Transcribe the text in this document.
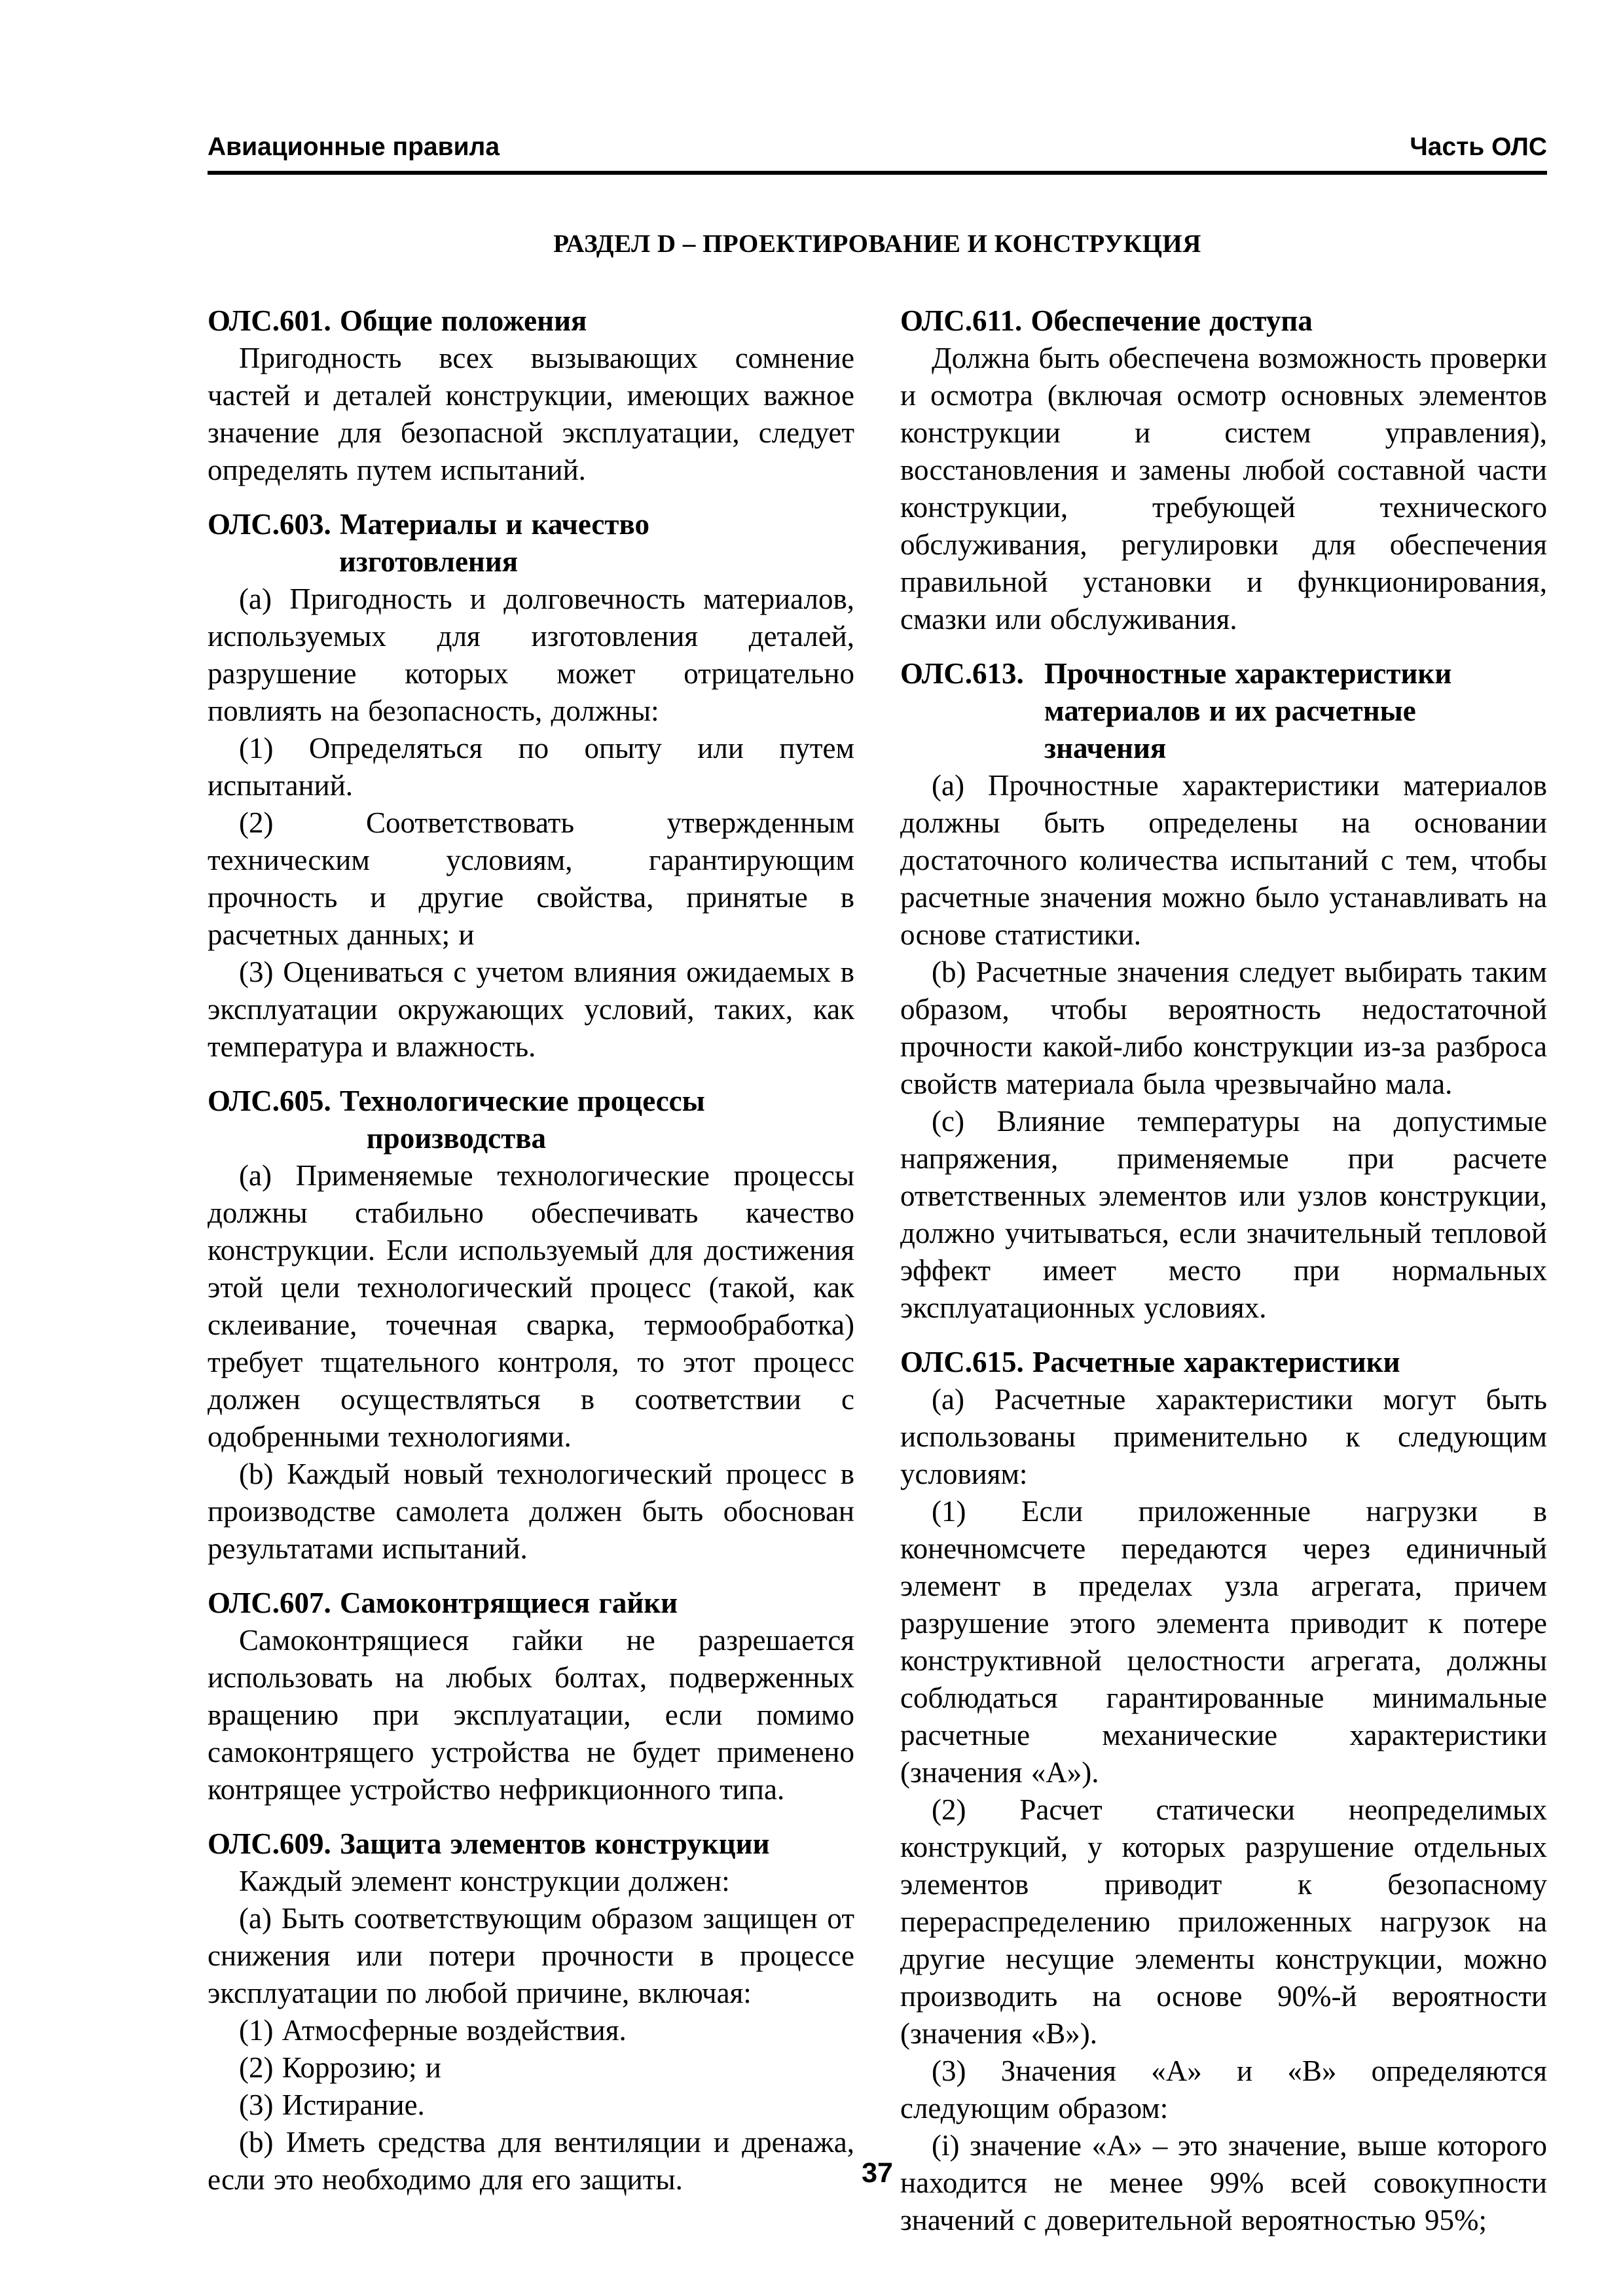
Авиационные правила	Часть ОЛС
РАЗДЕЛ D – ПРОЕКТИРОВАНИЕ И КОНСТРУКЦИЯ
ОЛС.601. Общие положения

Пригодность всех вызывающих сомнение частей и деталей конструкции, имеющих важное значение для безопасной эксплуатации, следует определять путем испытаний.

ОЛС.603. Материалы и качество
изготовления

(a) Пригодность и долговечность материалов, используемых для изготовления деталей, разрушение которых может отрицательно повлиять на безопасность, должны:

(1) Определяться по опыту или путем испытаний.

(2) Соответствовать утвержденным техническим условиям, гарантирующим прочность и другие свойства, принятые в расчетных данных; и

(3) Оцениваться с учетом влияния ожидаемых в эксплуатации окружающих условий, таких, как температура и влажность.

ОЛС.605. Технологические процессы
производства

(a) Применяемые технологические процессы должны стабильно обеспечивать качество конструкции. Если используемый для достижения этой цели технологический процесс (такой, как склеивание, точечная сварка, термообработка) требует тщательного контроля, то этот процесс должен осуществляться в соответствии с одобренными технологиями.

(b) Каждый новый технологический процесс в производстве самолета должен быть обоснован результатами испытаний.

ОЛС.607. Самоконтрящиеся гайки

Самоконтрящиеся гайки не разрешается использовать на любых болтах, подверженных вращению при эксплуатации, если помимо самоконтрящего устройства не будет применено контрящее устройство нефрикционного типа.

ОЛС.609. Защита элементов конструкции

Каждый элемент конструкции должен:

(a) Быть соответствующим образом защищен от снижения или потери прочности в процессе эксплуатации по любой причине, включая:

(1) Атмосферные воздействия.

(2) Коррозию; и

(3) Истирание.

(b) Иметь средства для вентиляции и дренажа, если это необходимо для его защиты.

ОЛС.611. Обеспечение доступа

Должна быть обеспечена возможность проверки и осмотра (включая осмотр основных элементов конструкции и систем управления), восстановления и замены любой составной части конструкции, требующей технического обслуживания, регулировки для обеспечения правильной установки и функционирования, смазки или обслуживания.

ОЛС.613. Прочностные характеристики
материалов и их расчетные
значения

(a) Прочностные характеристики материалов должны быть определены на основании достаточного количества испытаний с тем, чтобы расчетные значения можно было устанавливать на основе статистики.

(b) Расчетные значения следует выбирать таким образом, чтобы вероятность недостаточной прочности какой-либо конструкции из-за разброса свойств материала была чрезвычайно мала.

(c) Влияние температуры на допустимые напряжения, применяемые при расчете ответственных элементов или узлов конструкции, должно учитываться, если значительный тепловой эффект имеет место при нормальных эксплуатационных условиях.

ОЛС.615. Расчетные характеристики

(a) Расчетные характеристики могут быть использованы применительно к следующим условиям:

(1) Если приложенные нагрузки в конечномсчете передаются через единичный элемент в пределах узла агрегата, причем разрушение этого элемента приводит к потере конструктивной целостности агрегата, должны соблюдаться гарантированные минимальные расчетные механические характеристики (значения «А»).

(2) Расчет статически неопределимых конструкций, у которых разрушение отдельных элементов приводит к безопасному перераспределению приложенных нагрузок на другие несущие элементы конструкции, можно производить на основе 90%-й вероятности (значения «В»).

(3) Значения «А» и «В» определяются следующим образом:

(i) значение «А» – это значение, выше которого находится не менее 99% всей совокупности значений с доверительной вероятностью 95%;

37
